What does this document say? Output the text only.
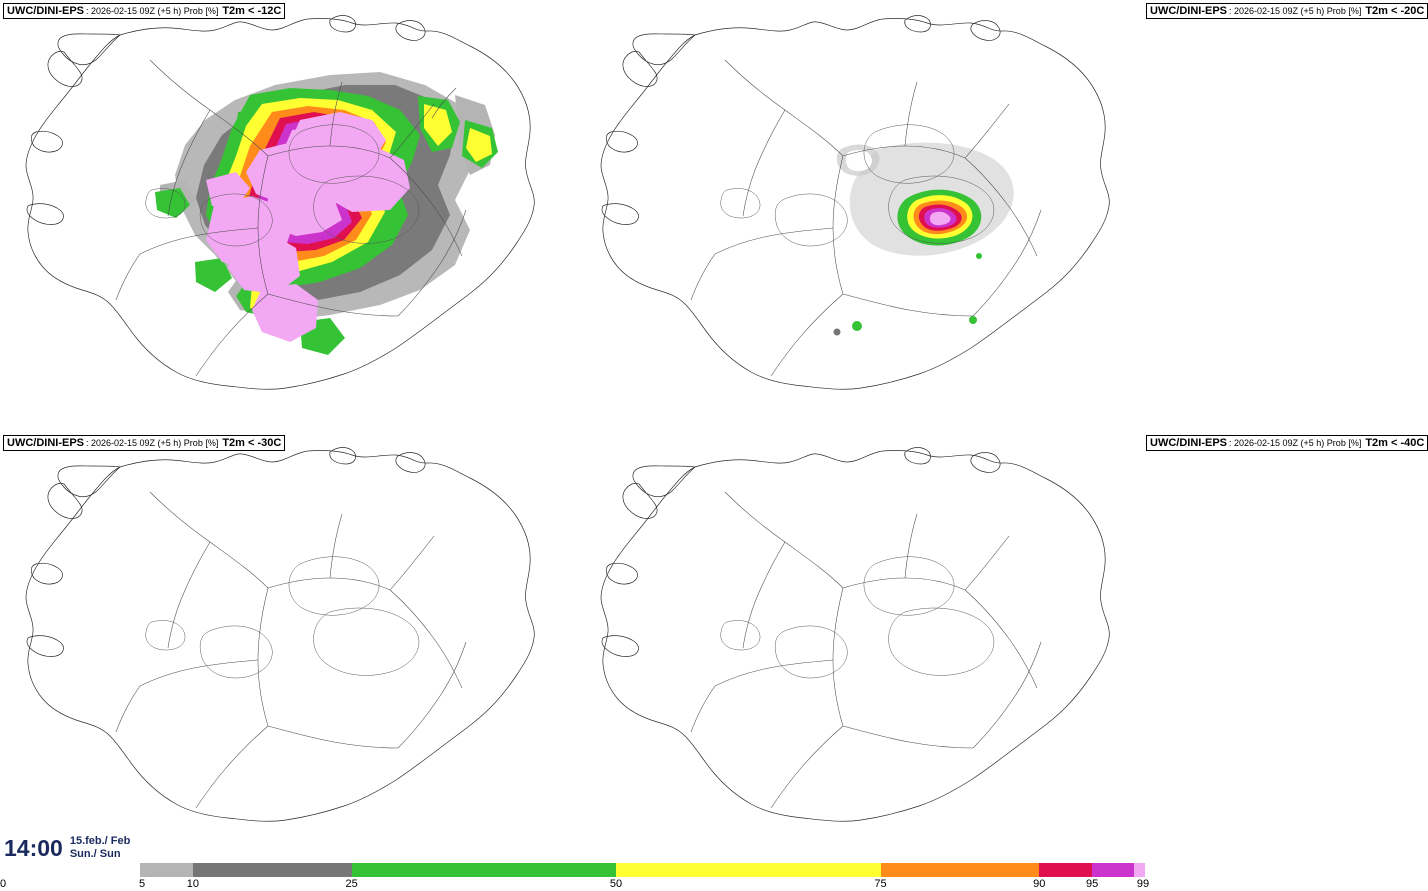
UWC/DINI-EPS : 2026-02-15 09Z (+5 h) Prob [%] T2m < -12C	UWC/DINI-EPS : 2026-02-15 09Z (+5 h) Prob [%] T2m < -20C
UWC/DINI-EPS : 2026-02-15 09Z (+5 h) Prob [%] T2m < -30C	UWC/DINI-EPS : 2026-02-15 09Z (+5 h) Prob [%] T2m < -40C
14:00 15.feb./ Feb
Sun./ Sun
0	5	10	25	50	75	90	95	99
